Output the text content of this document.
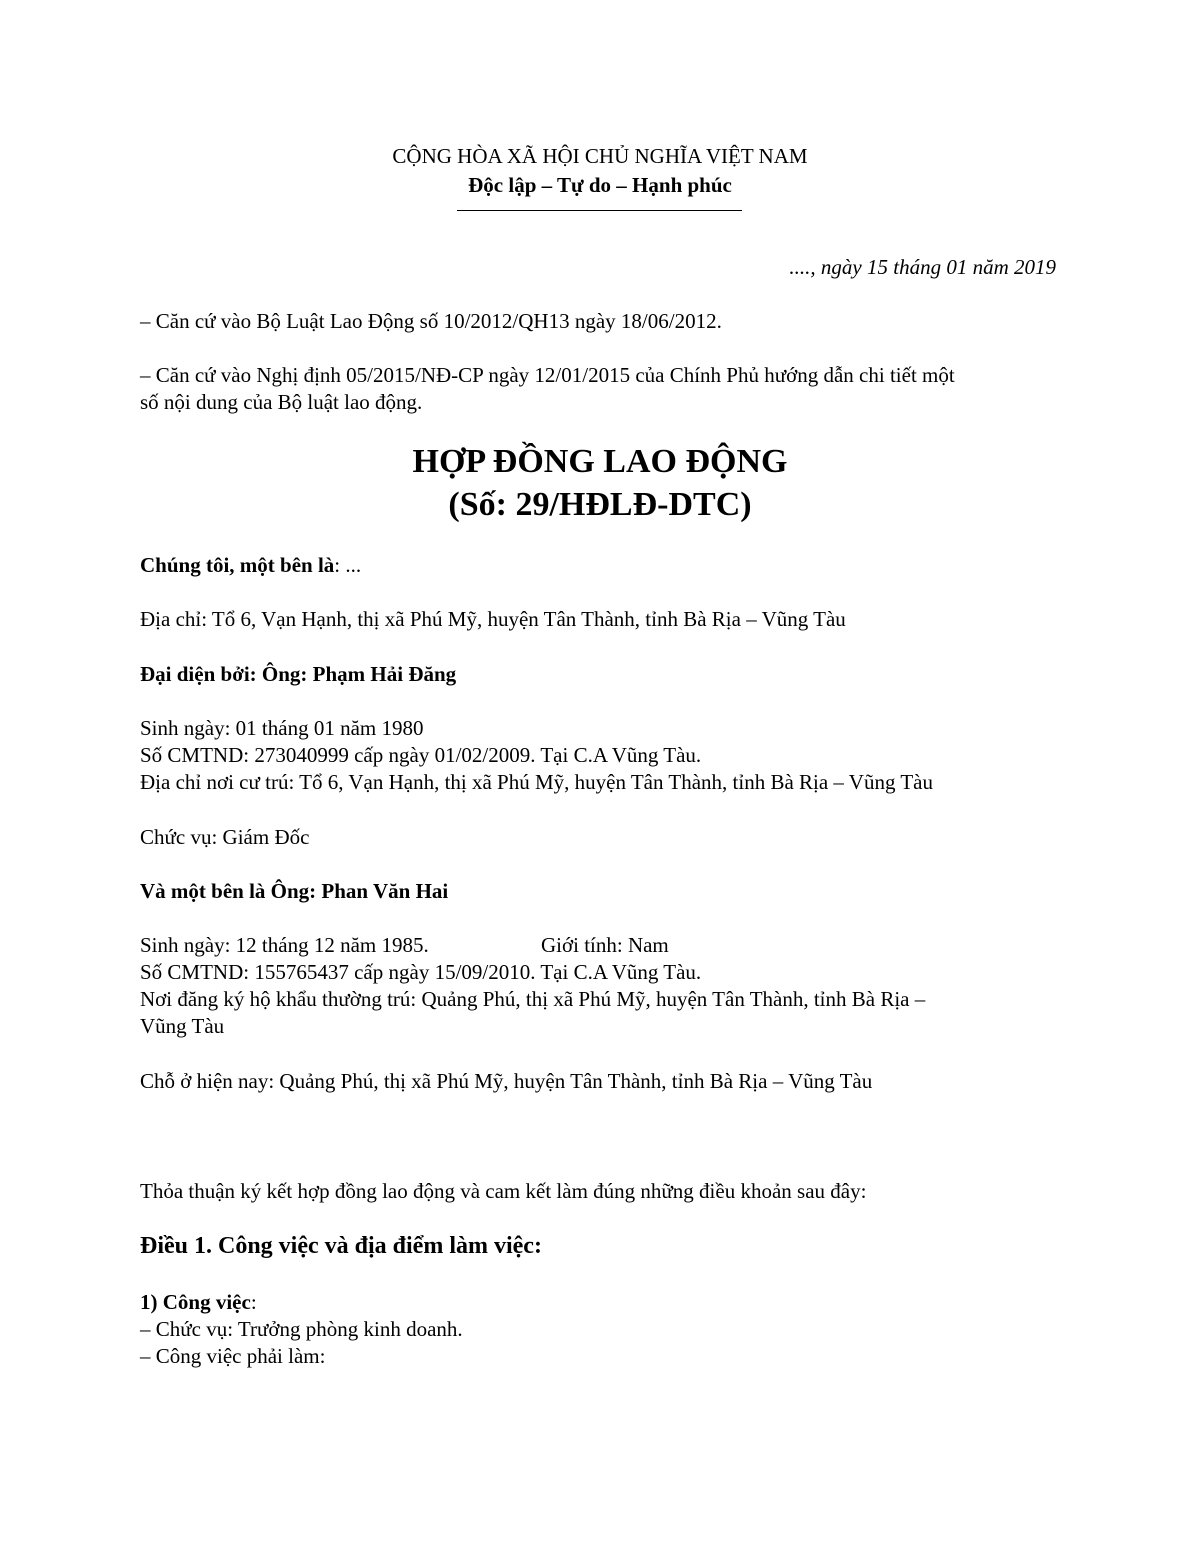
CỘNG HÒA XÃ HỘI CHỦ NGHĨA VIỆT NAM
Độc lập – Tự do – Hạnh phúc
...., ngày 15 tháng 01 năm 2019
– Căn cứ vào Bộ Luật Lao Động số 10/2012/QH13 ngày 18/06/2012.
– Căn cứ vào Nghị định 05/2015/NĐ-CP ngày 12/01/2015 của Chính Phủ hướng dẫn chi tiết một
số nội dung của Bộ luật lao động.
HỢP ĐỒNG LAO ĐỘNG
(Số: 29/HĐLĐ-DTC)
Chúng tôi, một bên là: ...
Địa chỉ: Tổ 6, Vạn Hạnh, thị xã Phú Mỹ, huyện Tân Thành, tỉnh Bà Rịa – Vũng Tàu
Đại diện bởi: Ông: Phạm Hải Đăng
Sinh ngày: 01 tháng 01 năm 1980
Số CMTND: 273040999 cấp ngày 01/02/2009. Tại C.A Vũng Tàu.
Địa chỉ nơi cư trú: Tổ 6, Vạn Hạnh, thị xã Phú Mỹ, huyện Tân Thành, tỉnh Bà Rịa – Vũng Tàu
Chức vụ: Giám Đốc
Và một bên là Ông: Phan Văn Hai
Sinh ngày: 12 tháng 12 năm 1985.	Giới tính: Nam
Số CMTND: 155765437 cấp ngày 15/09/2010. Tại C.A Vũng Tàu.
Nơi đăng ký hộ khẩu thường trú: Quảng Phú, thị xã Phú Mỹ, huyện Tân Thành, tỉnh Bà Rịa –
Vũng Tàu
Chỗ ở hiện nay: Quảng Phú, thị xã Phú Mỹ, huyện Tân Thành, tỉnh Bà Rịa – Vũng Tàu
Thỏa thuận ký kết hợp đồng lao động và cam kết làm đúng những điều khoản sau đây:
Điều 1. Công việc và địa điểm làm việc:
1) Công việc:
– Chức vụ: Trưởng phòng kinh doanh.
– Công việc phải làm:
